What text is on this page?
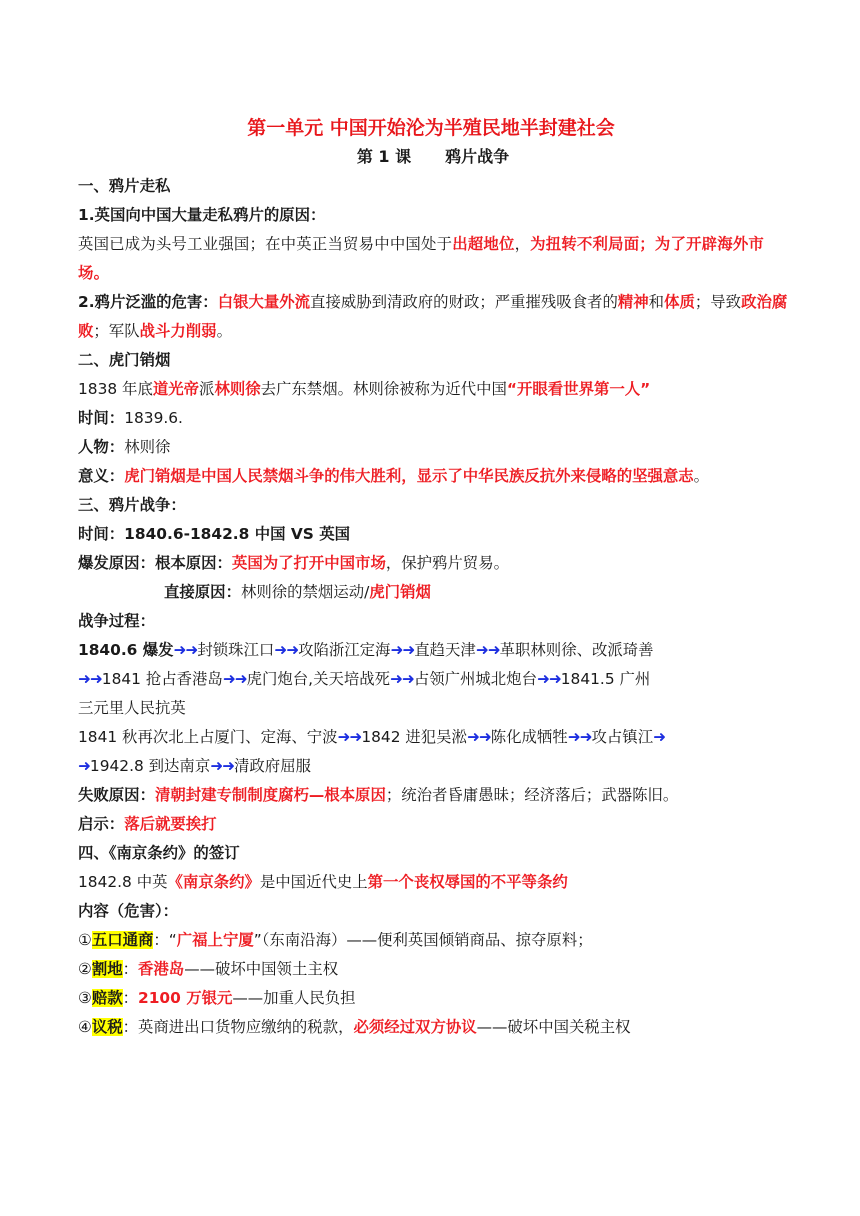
第一单元 中国开始沦为半殖民地半封建社会
第 1 课 鸦片战争
一、鸦片走私
1.英国向中国大量走私鸦片的原因：
英国已成为头号工业强国；在中英正当贸易中中国处于出超地位，为扭转不利局面；为了开辟海外市场。
2.鸦片泛滥的危害：白银大量外流直接威胁到清政府的财政；严重摧残吸食者的精神和体质；导致政治腐败；军队战斗力削弱。
二、虎门销烟
1838 年底道光帝派林则徐去广东禁烟。林则徐被称为近代中国“开眼看世界第一人”
时间：1839.6.
人物：林则徐
意义：虎门销烟是中国人民禁烟斗争的伟大胜利，显示了中华民族反抗外来侵略的坚强意志。
三、鸦片战争：
时间：1840.6-1842.8 中国 VS 英国
爆发原因：根本原因：英国为了打开中国市场，保护鸦片贸易。
直接原因：林则徐的禁烟运动/虎门销烟
战争过程：
1840.6 爆发➜➜封锁珠江口➜➜攻陷浙江定海➜➜直趋天津➜➜革职林则徐、改派琦善
➜➜1841 抢占香港岛➜➜虎门炮台,关天培战死➜➜占领广州城北炮台➜➜1841.5 广州
三元里人民抗英
1841 秋再次北上占厦门、定海、宁波➜➜1842 进犯吴淞➜➜陈化成牺牲➜➜攻占镇江➜
➜1942.8 到达南京➜➜清政府屈服
失败原因：清朝封建专制制度腐朽—根本原因；统治者昏庸愚昧；经济落后；武器陈旧。
启示：落后就要挨打
四、《南京条约》的签订
1842.8 中英《南京条约》是中国近代史上第一个丧权辱国的不平等条约
内容（危害）：
①五口通商：“广福上宁厦”（东南沿海）——便利英国倾销商品、掠夺原料；
②割地：香港岛——破坏中国领土主权
③赔款：2100 万银元——加重人民负担
④议税：英商进出口货物应缴纳的税款，必须经过双方协议——破坏中国关税主权
